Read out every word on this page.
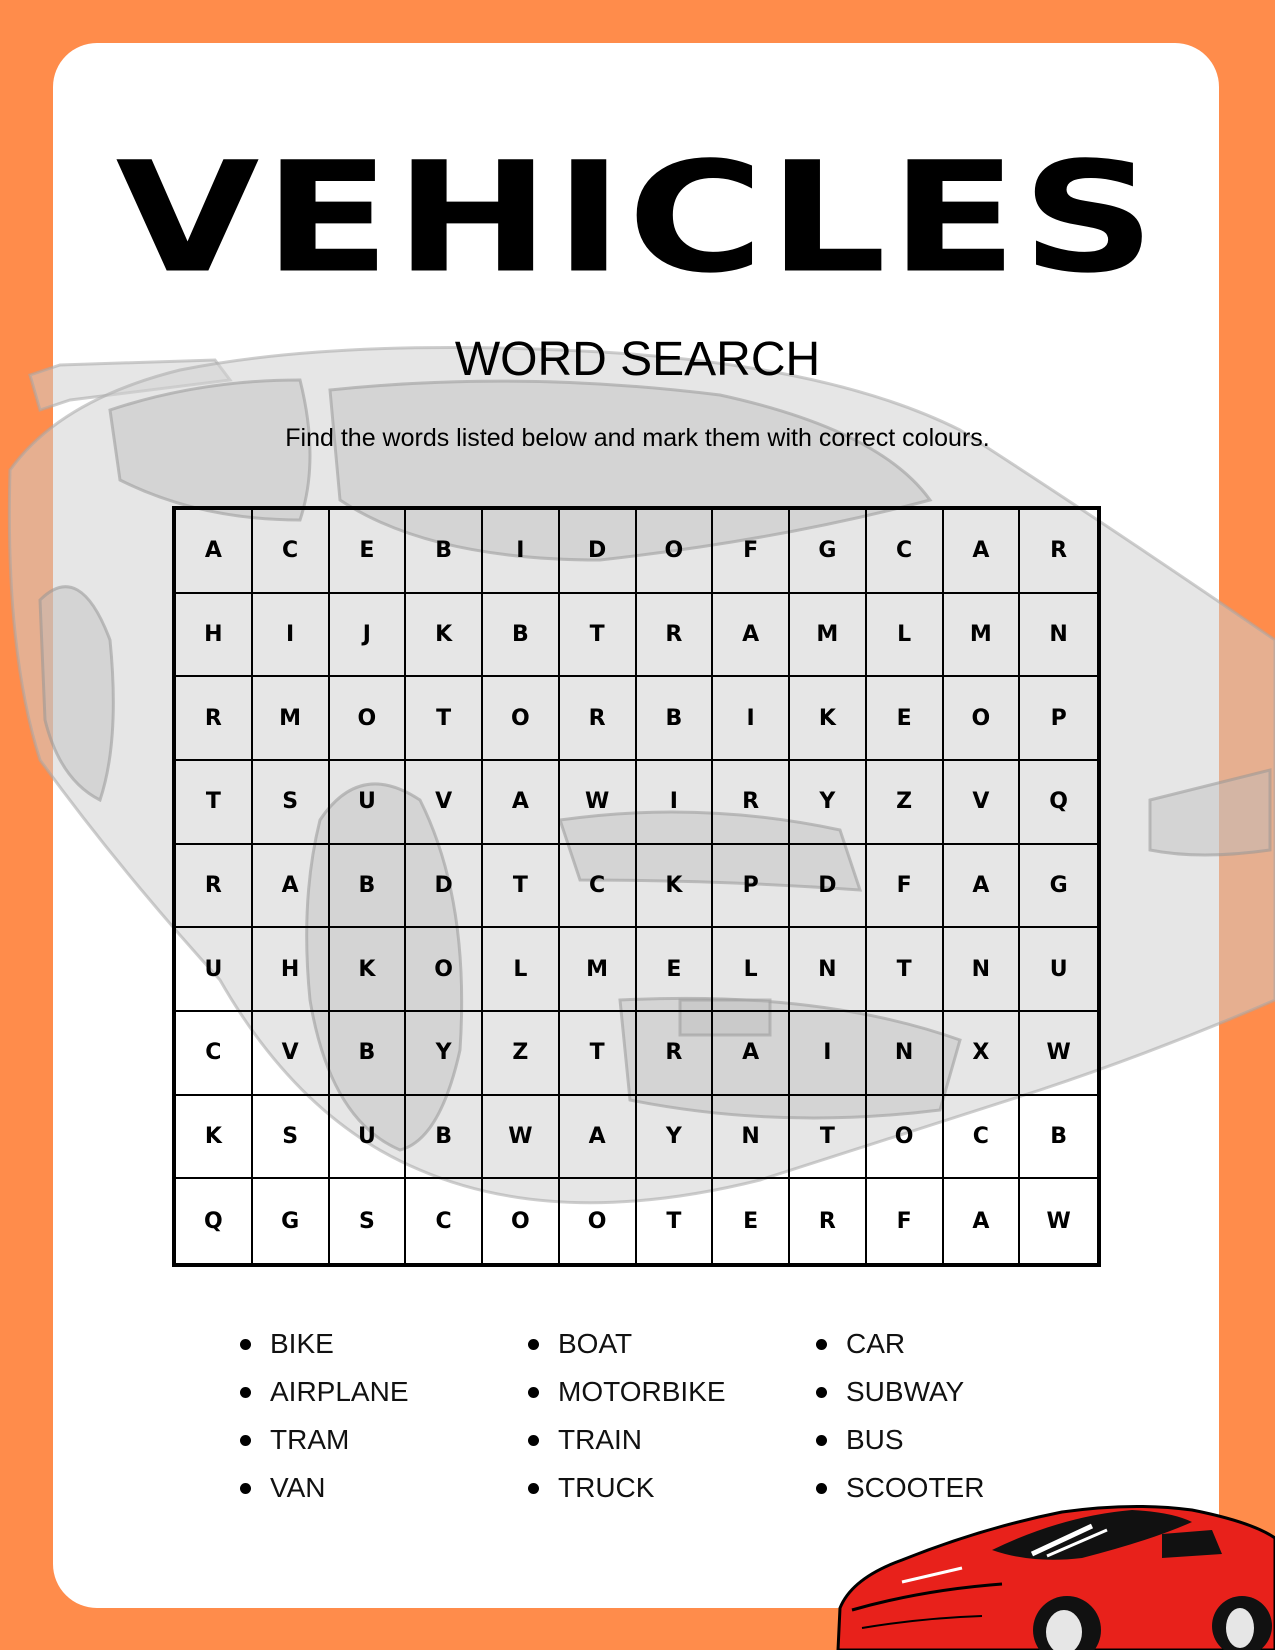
VEHICLES
WORD SEARCH
Find the words listed below and mark them with correct colours.
A	C	E	B	I	D	O	F	G	C	A	R
H	I	J	K	B	T	R	A	M	L	M	N
R	M	O	T	O	R	B	I	K	E	O	P
T	S	U	V	A	W	I	R	Y	Z	V	Q
R	A	B	D	T	C	K	P	D	F	A	G
U	H	K	O	L	M	E	L	N	T	N	U
C	V	B	Y	Z	T	R	A	I	N	X	W
K	S	U	B	W	A	Y	N	T	O	C	B
Q	G	S	C	O	O	T	E	R	F	A	W
BIKE	BOAT	CAR
AIRPLANE	MOTORBIKE	SUBWAY
TRAM	TRAIN	BUS
VAN	TRUCK	SCOOTER
